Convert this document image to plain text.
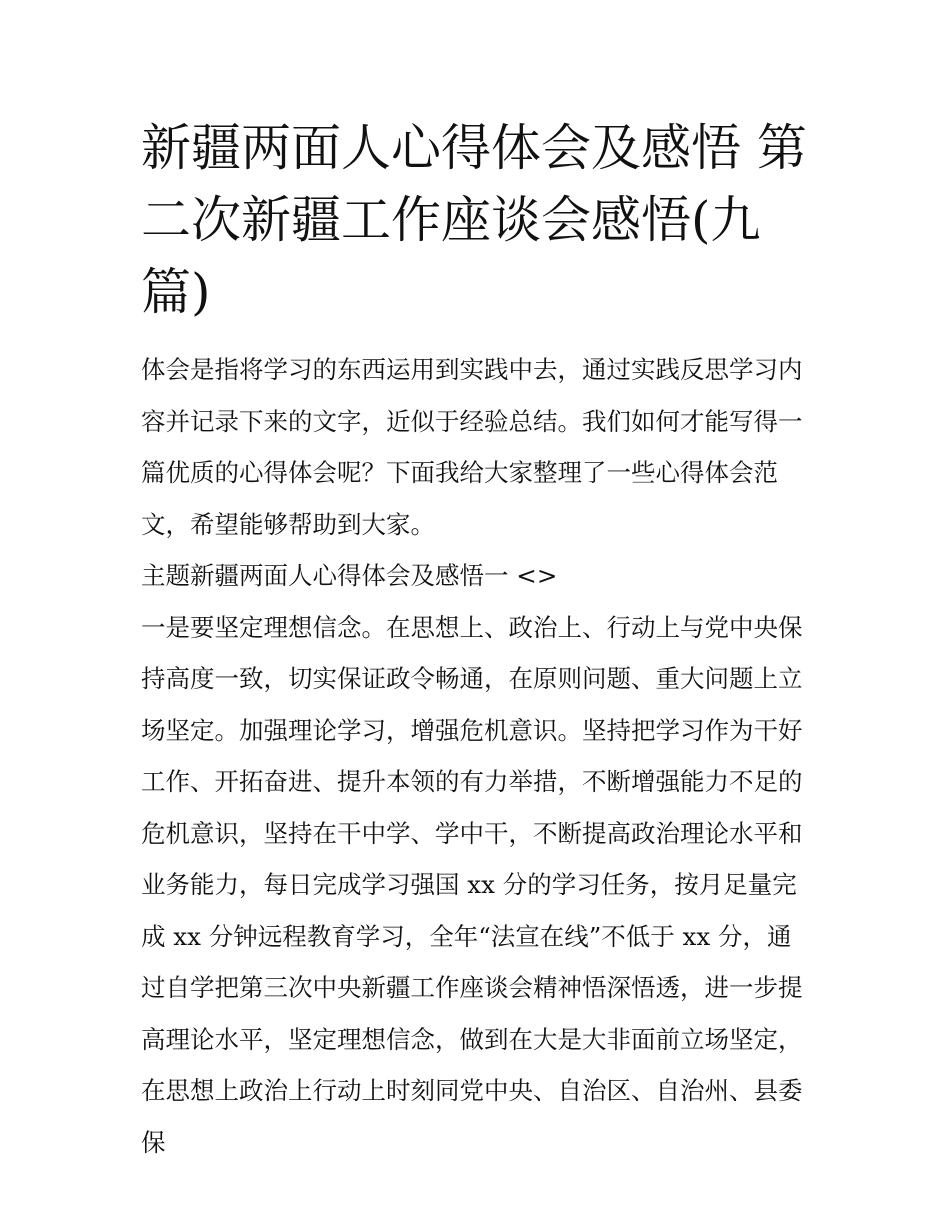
新疆两面人心得体会及感悟 第二次新疆工作座谈会感悟(九篇)

体会是指将学习的东西运用到实践中去，通过实践反思学习内容并记录下来的文字，近似于经验总结。我们如何才能写得一篇优质的心得体会呢？下面我给大家整理了一些心得体会范文，希望能够帮助到大家。

主题新疆两面人心得体会及感悟一 <>

一是要坚定理想信念。在思想上、政治上、行动上与党中央保持高度一致，切实保证政令畅通，在原则问题、重大问题上立场坚定。加强理论学习，增强危机意识。坚持把学习作为干好工作、开拓奋进、提升本领的有力举措，不断增强能力不足的危机意识，坚持在干中学、学中干，不断提高政治理论水平和业务能力，每日完成学习强国 xx 分的学习任务，按月足量完成 xx 分钟远程教育学习，全年“法宣在线”不低于 xx 分，通过自学把第三次中央新疆工作座谈会精神悟深悟透，进一步提高理论水平，坚定理想信念，做到在大是大非面前立场坚定，在思想上政治上行动上时刻同党中央、自治区、自治州、县委保
